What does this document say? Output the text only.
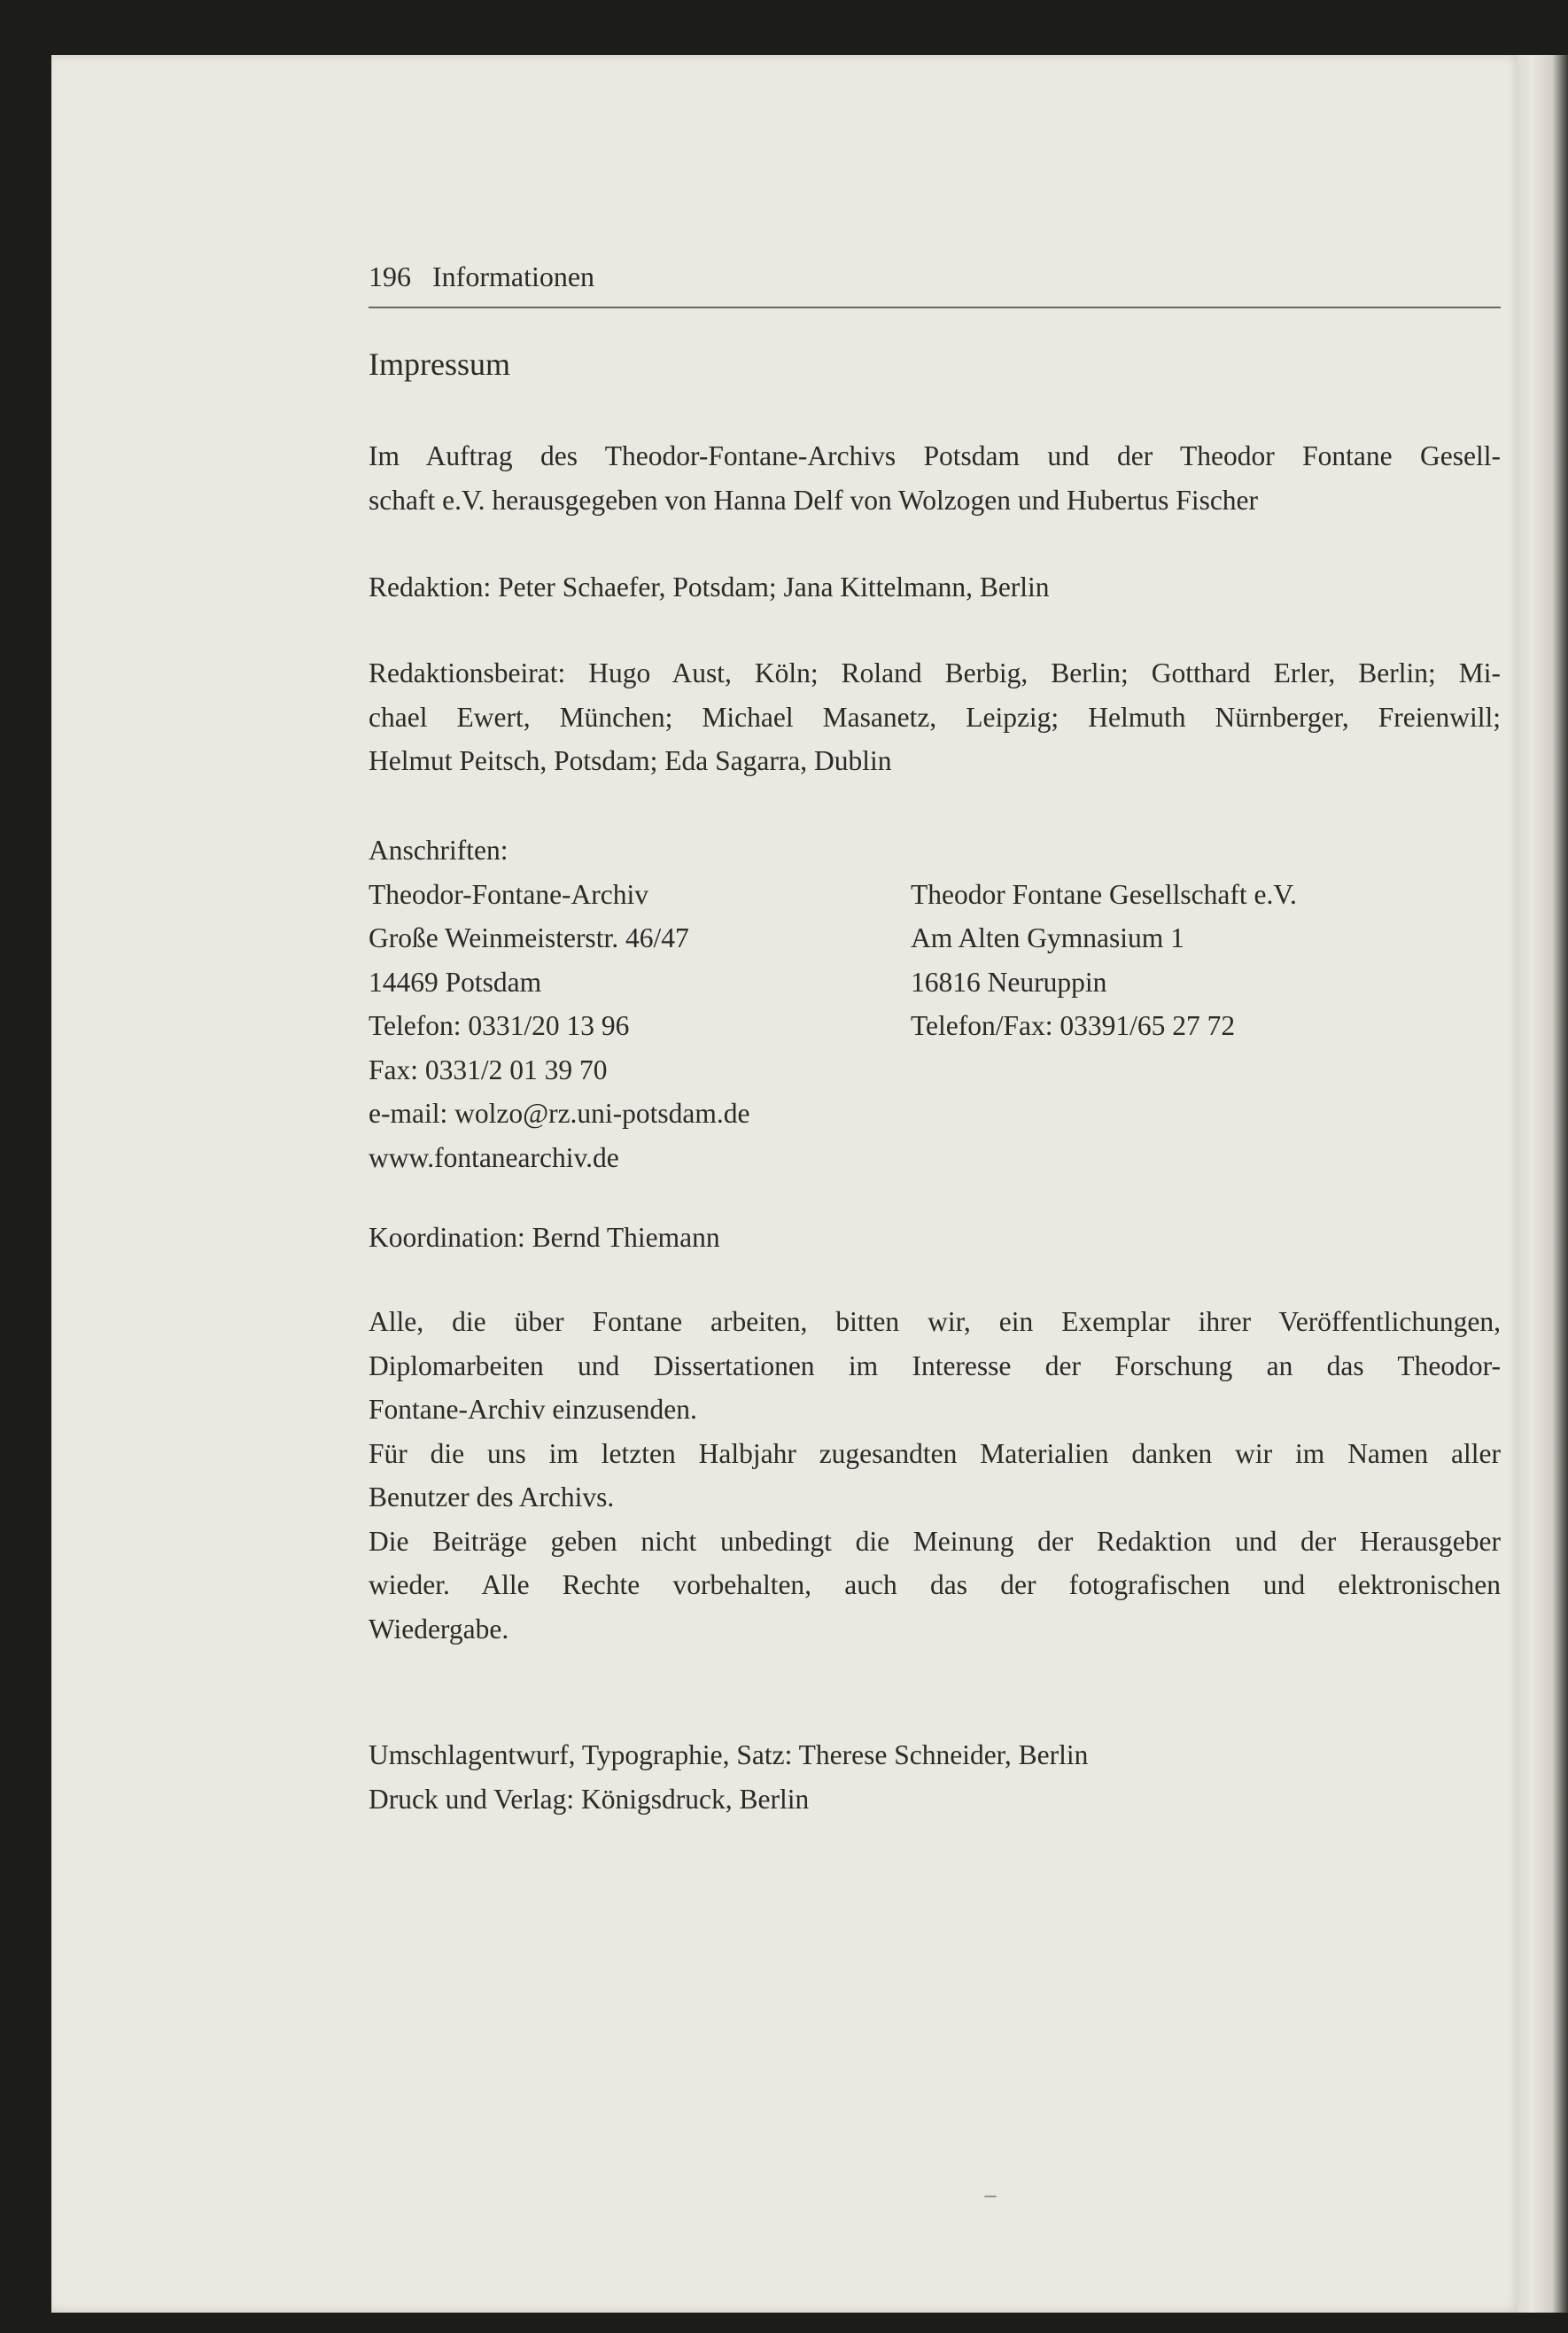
196 Informationen
Impressum

Im Auftrag des Theodor-Fontane-Archivs Potsdam und der Theodor Fontane Gesell-
schaft e.V. herausgegeben von Hanna Delf von Wolzogen und Hubertus Fischer

Redaktion: Peter Schaefer, Potsdam; Jana Kittelmann, Berlin

Redaktionsbeirat: Hugo Aust, Köln; Roland Berbig, Berlin; Gotthard Erler, Berlin; Mi-
chael Ewert, München; Michael Masanetz, Leipzig; Helmuth Nürnberger, Freienwill;
Helmut Peitsch, Potsdam; Eda Sagarra, Dublin

Anschriften:
Theodor-Fontane-Archiv
Große Weinmeisterstr. 46/47
14469 Potsdam
Telefon: 0331/20 13 96
Fax: 0331/2 01 39 70
e-mail: wolzo@rz.uni-potsdam.de
www.fontanearchiv.de
Theodor Fontane Gesellschaft e.V.
Am Alten Gymnasium 1
16816 Neuruppin
Telefon/Fax: 03391/65 27 72

Koordination: Bernd Thiemann

Alle, die über Fontane arbeiten, bitten wir, ein Exemplar ihrer Veröffentlichungen,
Diplomarbeiten und Dissertationen im Interesse der Forschung an das Theodor-
Fontane-Archiv einzusenden.
Für die uns im letzten Halbjahr zugesandten Materialien danken wir im Namen aller
Benutzer des Archivs.
Die Beiträge geben nicht unbedingt die Meinung der Redaktion und der Herausgeber
wieder. Alle Rechte vorbehalten, auch das der fotografischen und elektronischen
Wiedergabe.

Umschlagentwurf, Typographie, Satz: Therese Schneider, Berlin
Druck und Verlag: Königsdruck, Berlin

–
